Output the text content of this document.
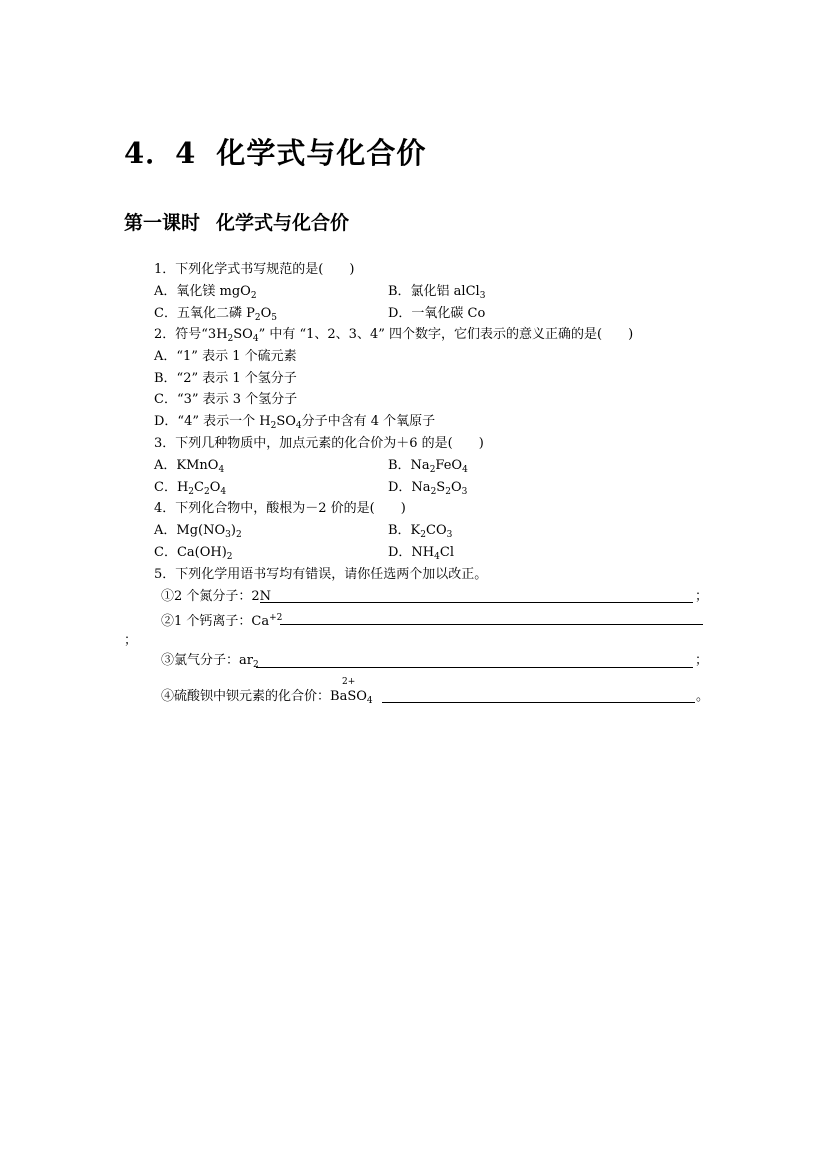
4．4 化学式与化合价
第一课时 化学式与化合价
1．下列化学式书写规范的是(　　)
A．氧化镁 mgO$_2$	B．氯化铝 alCl$_3$
C．五氧化二磷 $P_2O_5$	D．一氧化碳 Co
2．符号“$3H_2SO_4$” 中有 “1、2、3、4” 四个数字，它们表示的意义正确的是(　　)
A．“1” 表示 1 个硫元素
B．“2” 表示 1 个氢分子
C．“3” 表示 3 个氢分子
D．“4” 表示一个 $H_2SO_4$分子中含有 4 个氧原子
3．下列几种物质中，加点元素的化合价为＋6 的是(　　)
A．KMnO$_4$	B．$Na_2FeO_4$
C．$H_2C_2O_4$	D．$Na_2S_2O_3$
4．下列化合物中，酸根为－2 价的是(　　)
A．$Mg(NO_3)_2$	B．$K_2CO_3$
C．$Ca(OH)_2$	D．$NH_4Cl$
5．下列化学用语书写均有错误，请你任选两个加以改正。
①2 个氮分子：2N	；
②1 个钙离子：$Ca^{+2}$
；
③氯气分子：$ar_2$	；
2+
④硫酸钡中钡元素的化合价：BaSO$_4$	。
